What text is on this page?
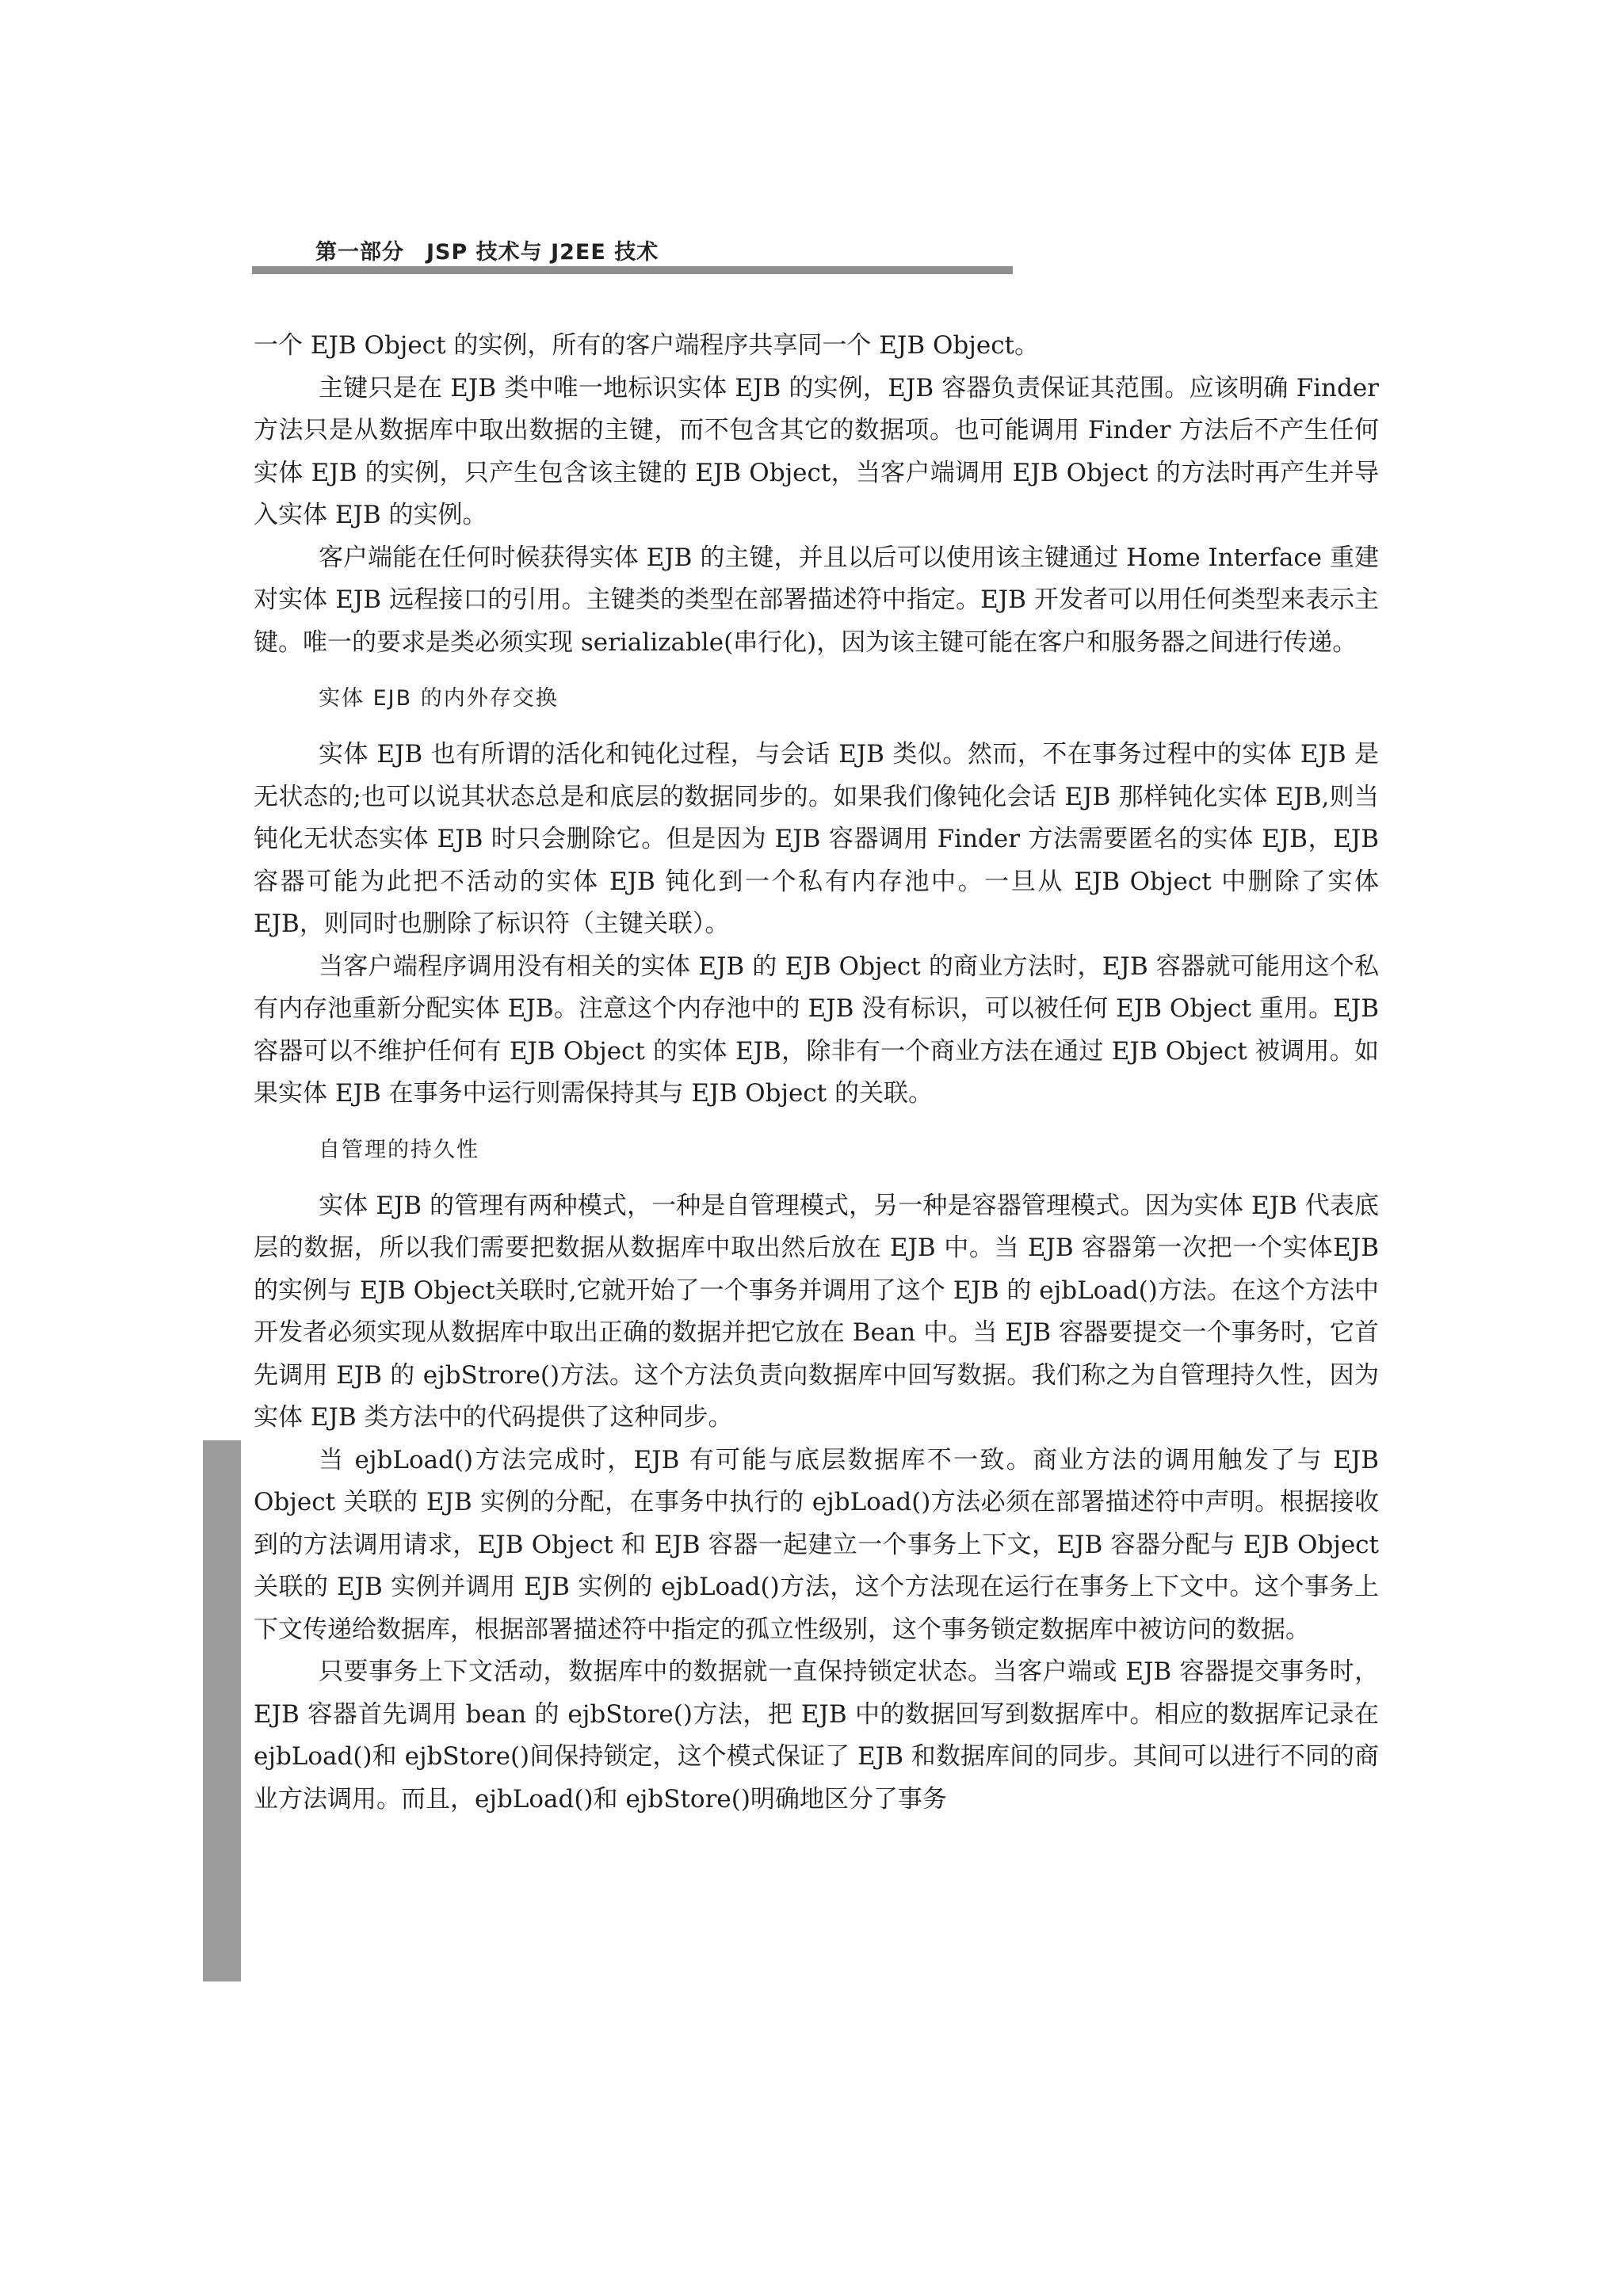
第一部分　JSP 技术与 J2EE 技术

一个 EJB Object 的实例，所有的客户端程序共享同一个 EJB Object。

主键只是在 EJB 类中唯一地标识实体 EJB 的实例，EJB 容器负责保证其范围。应该明确 Finder 方法只是从数据库中取出数据的主键，而不包含其它的数据项。也可能调用 Finder 方法后不产生任何实体 EJB 的实例，只产生包含该主键的 EJB Object，当客户端调用 EJB Object 的方法时再产生并导入实体 EJB 的实例。

客户端能在任何时候获得实体 EJB 的主键，并且以后可以使用该主键通过 Home Interface 重建对实体 EJB 远程接口的引用。主键类的类型在部署描述符中指定。EJB 开发者可以用任何类型来表示主键。唯一的要求是类必须实现 serializable(串行化)，因为该主键可能在客户和服务器之间进行传递。

实体 EJB 的内外存交换

实体 EJB 也有所谓的活化和钝化过程，与会话 EJB 类似。然而，不在事务过程中的实体 EJB 是无状态的;也可以说其状态总是和底层的数据同步的。如果我们像钝化会话 EJB 那样钝化实体 EJB,则当钝化无状态实体 EJB 时只会删除它。但是因为 EJB 容器调用 Finder 方法需要匿名的实体 EJB，EJB 容器可能为此把不活动的实体 EJB 钝化到一个私有内存池中。一旦从 EJB Object 中删除了实体 EJB，则同时也删除了标识符（主键关联）。

当客户端程序调用没有相关的实体 EJB 的 EJB Object 的商业方法时，EJB 容器就可能用这个私有内存池重新分配实体 EJB。注意这个内存池中的 EJB 没有标识，可以被任何 EJB Object 重用。EJB 容器可以不维护任何有 EJB Object 的实体 EJB，除非有一个商业方法在通过 EJB Object 被调用。如果实体 EJB 在事务中运行则需保持其与 EJB Object 的关联。

自管理的持久性

实体 EJB 的管理有两种模式，一种是自管理模式，另一种是容器管理模式。因为实体 EJB 代表底层的数据，所以我们需要把数据从数据库中取出然后放在 EJB 中。当 EJB 容器第一次把一个实体EJB 的实例与 EJB Object关联时,它就开始了一个事务并调用了这个 EJB 的 ejbLoad()方法。在这个方法中开发者必须实现从数据库中取出正确的数据并把它放在 Bean 中。当 EJB 容器要提交一个事务时，它首先调用 EJB 的 ejbStrore()方法。这个方法负责向数据库中回写数据。我们称之为自管理持久性，因为实体 EJB 类方法中的代码提供了这种同步。

当 ejbLoad()方法完成时，EJB 有可能与底层数据库不一致。商业方法的调用触发了与 EJB Object 关联的 EJB 实例的分配，在事务中执行的 ejbLoad()方法必须在部署描述符中声明。根据接收到的方法调用请求，EJB Object 和 EJB 容器一起建立一个事务上下文，EJB 容器分配与 EJB Object 关联的 EJB 实例并调用 EJB 实例的 ejbLoad()方法，这个方法现在运行在事务上下文中。这个事务上下文传递给数据库，根据部署描述符中指定的孤立性级别，这个事务锁定数据库中被访问的数据。

只要事务上下文活动，数据库中的数据就一直保持锁定状态。当客户端或 EJB 容器提交事务时，EJB 容器首先调用 bean 的 ejbStore()方法，把 EJB 中的数据回写到数据库中。相应的数据库记录在 ejbLoad()和 ejbStore()间保持锁定，这个模式保证了 EJB 和数据库间的同步。其间可以进行不同的商业方法调用。而且，ejbLoad()和 ejbStore()明确地区分了事务
